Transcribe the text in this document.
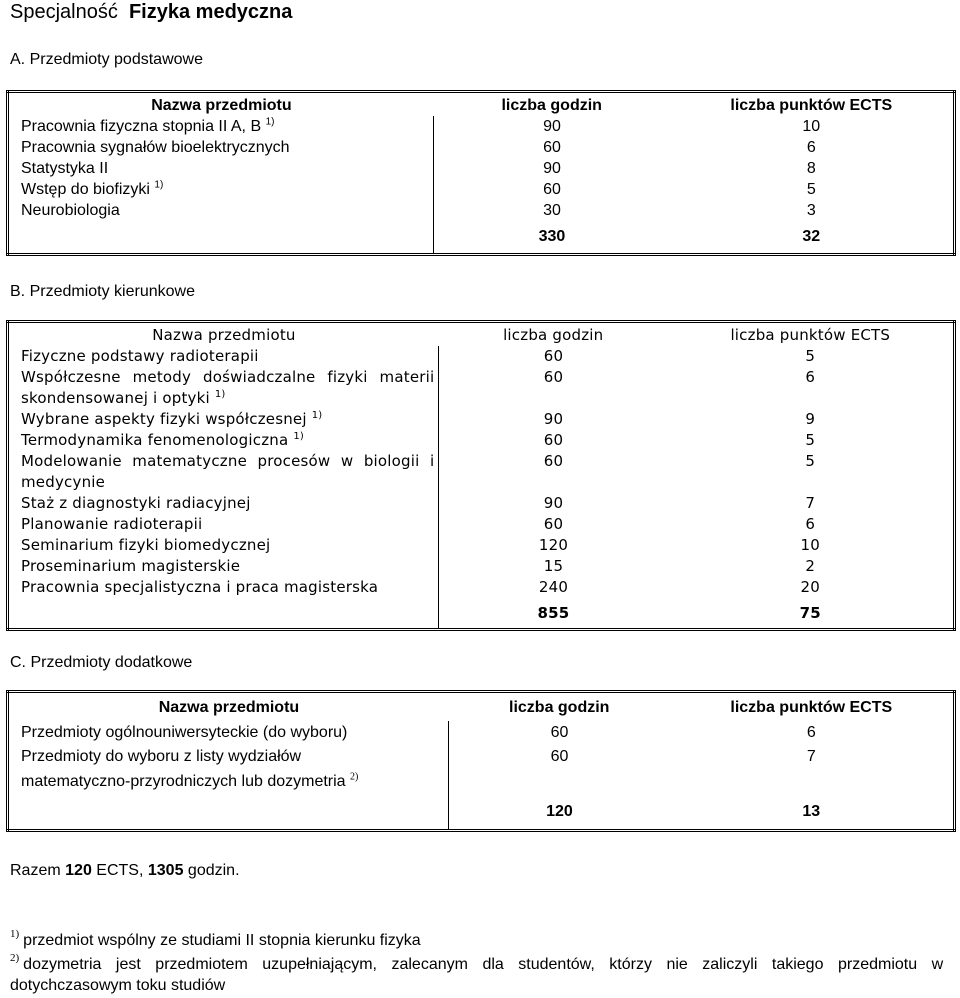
Specjalność Fizyka medyczna
A. Przedmioty podstawowe
Nazwa przedmiotu	liczba godzin	liczba punktów ECTS
Pracownia fizyczna stopnia II A, B $^{1)}$	90	10
Pracownia sygnałów bioelektrycznych	60	6
Statystyka II	90	8
Wstęp do biofizyki $^{1)}$	60	5
Neurobiologia	30	3
	330	32
B. Przedmioty kierunkowe
Nazwa przedmiotu	liczba godzin	liczba punktów ECTS
Fizyczne podstawy radioterapii	60	5
Współczesne metody doświadczalne fizyki materii	60	6
skondensowanej i optyki $^{1)}$		
Wybrane aspekty fizyki współczesnej $^{1)}$	90	9
Termodynamika fenomenologiczna $^{1)}$	60	5
Modelowanie matematyczne procesów w biologii i	60	5
medycynie		
Staż z diagnostyki radiacyjnej	90	7
Planowanie radioterapii	60	6
Seminarium fizyki biomedycznej	120	10
Proseminarium magisterskie	15	2
Pracownia specjalistyczna i praca magisterska	240	20
	855	75
C. Przedmioty dodatkowe
Nazwa przedmiotu	liczba godzin	liczba punktów ECTS
Przedmioty ogólnouniwersyteckie (do wyboru)	60	6
Przedmioty do wyboru z listy wydziałów	60	7
matematyczno-przyrodniczych lub dozymetria $^{2)}$		
	120	13
Razem 120 ECTS, 1305 godzin.
$^{1)}$ przedmiot wspólny ze studiami II stopnia kierunku fizyka
$^{2)}$ dozymetria jest przedmiotem uzupełniającym, zalecanym dla studentów, którzy nie zaliczyli takiego przedmiotu w
dotychczasowym toku studiów
